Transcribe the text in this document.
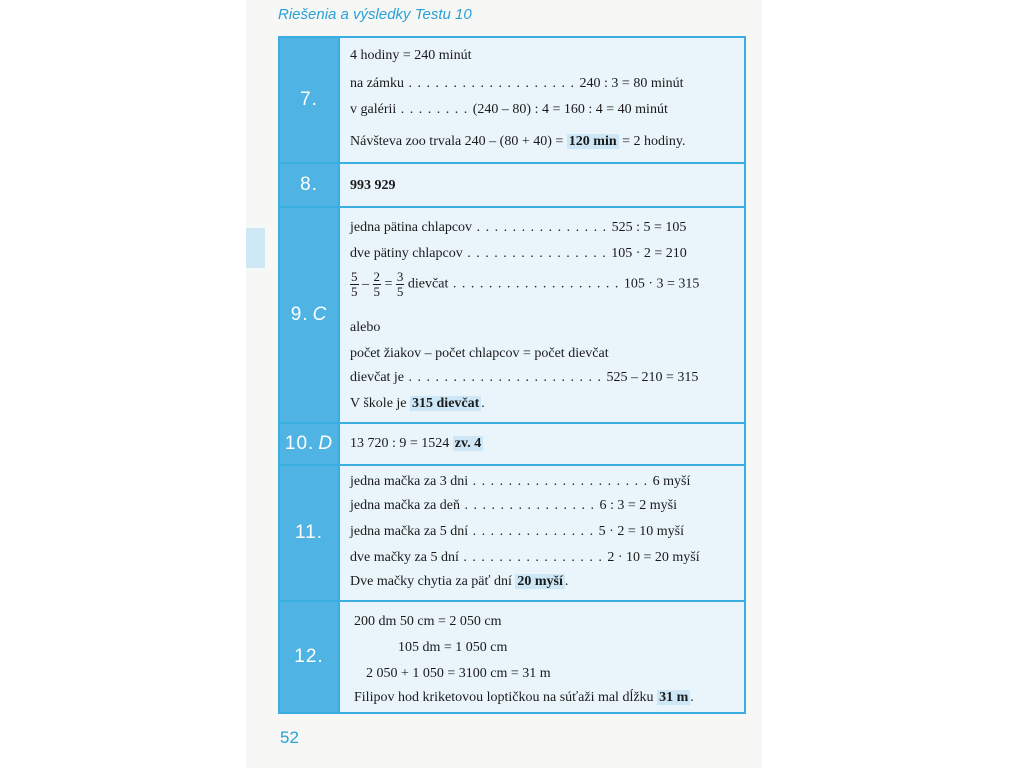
Riešenia a výsledky Testu 10
7.
4 hodiny = 240 minút
na zámku . . . . . . . . . . . . . . . . . . . 240 : 3 = 80 minút
v galérii . . . . . . . . (240 – 80) : 4 = 160 : 4 = 40 minút
Návšteva zoo trvala 240 – (80 + 40) = 120 min = 2 hodiny.
8.	993 929
9. C
jedna pätina chlapcov . . . . . . . . . . . . . . . 525 : 5 = 105
dve pätiny chlapcov . . . . . . . . . . . . . . . . 105 · 2 = 210
$\frac{5}{5} - \frac{2}{5} = \frac{3}{5}$ dievčat . . . . . . . . . . . . . . . . . . . 105 · 3 = 315
alebo
počet žiakov – počet chlapcov = počet dievčat
dievčat je . . . . . . . . . . . . . . . . . . . . . . 525 – 210 = 315
V škole je 315 dievčat .
10. D 13 720 : 9 = 1524 zv. 4
11.
jedna mačka za 3 dni . . . . . . . . . . . . . . . . . . . . 6 myší
jedna mačka za deň . . . . . . . . . . . . . . . 6 : 3 = 2 myši
jedna mačka za 5 dní . . . . . . . . . . . . . . 5 · 2 = 10 myší
dve mačky za 5 dní . . . . . . . . . . . . . . . . 2 · 10 = 20 myší
Dve mačky chytia za päť dní 20 myší .
12.
200 dm 50 cm = 2 050 cm
105 dm = 1 050 cm
2 050 + 1 050 = 3100 cm = 31 m
Filipov hod kriketovou loptičkou na súťaži mal dĺžku 31 m .
52
